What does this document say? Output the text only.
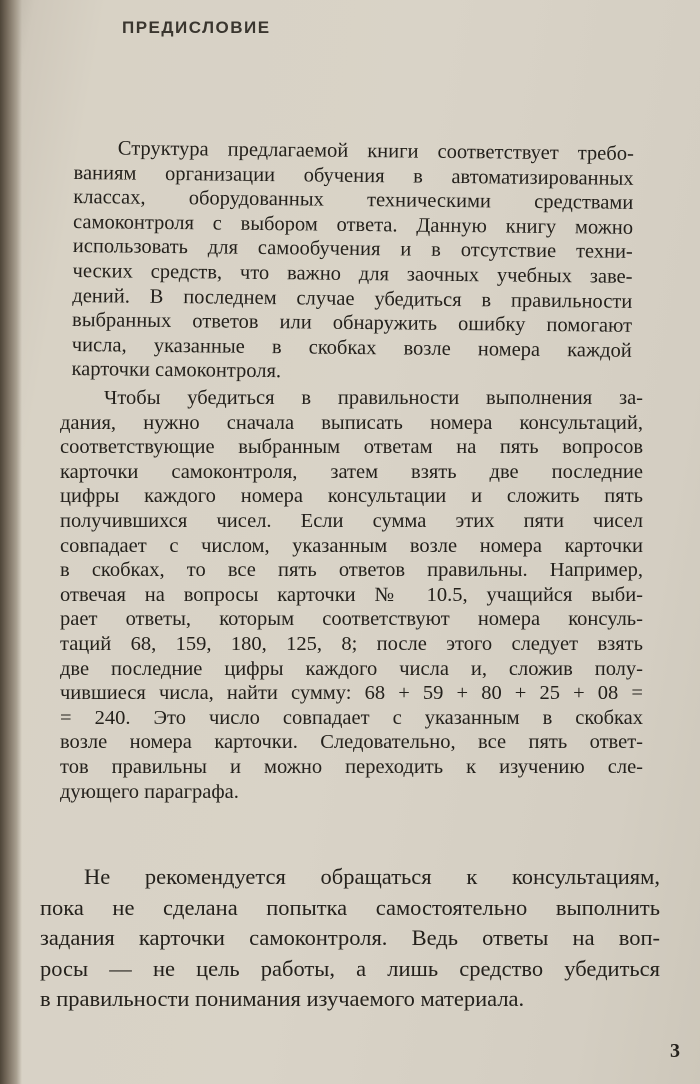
ПРЕДИСЛОВИЕ
Структура предлагаемой книги соответствует требо-
ваниям организации обучения в автоматизированных
классах, оборудованных техническими средствами
самоконтроля с выбором ответа. Данную книгу можно
использовать для самообучения и в отсутствие техни-
ческих средств, что важно для заочных учебных заве-
дений. В последнем случае убедиться в правильности
выбранных ответов или обнаружить ошибку помогают
числа, указанные в скобках возле номера каждой
карточки самоконтроля.
Чтобы убедиться в правильности выполнения за-
дания, нужно сначала выписать номера консультаций,
соответствующие выбранным ответам на пять вопросов
карточки самоконтроля, затем взять две последние
цифры каждого номера консультации и сложить пять
получившихся чисел. Если сумма этих пяти чисел
совпадает с числом, указанным возле номера карточки
в скобках, то все пять ответов правильны. Например,
отвечая на вопросы карточки № 10.5, учащийся выби-
рает ответы, которым соответствуют номера консуль-
таций 68, 159, 180, 125, 8; после этого следует взять
две последние цифры каждого числа и, сложив полу-
чившиеся числа, найти сумму: 68 + 59 + 80 + 25 + 08 =
= 240. Это число совпадает с указанным в скобках
возле номера карточки. Следовательно, все пять ответ-
тов правильны и можно переходить к изучению сле-
дующего параграфа.
Не рекомендуется обращаться к консультациям,
пока не сделана попытка самостоятельно выполнить
задания карточки самоконтроля. Ведь ответы на воп-
росы — не цель работы, а лишь средство убедиться
в правильности понимания изучаемого материала.
3
